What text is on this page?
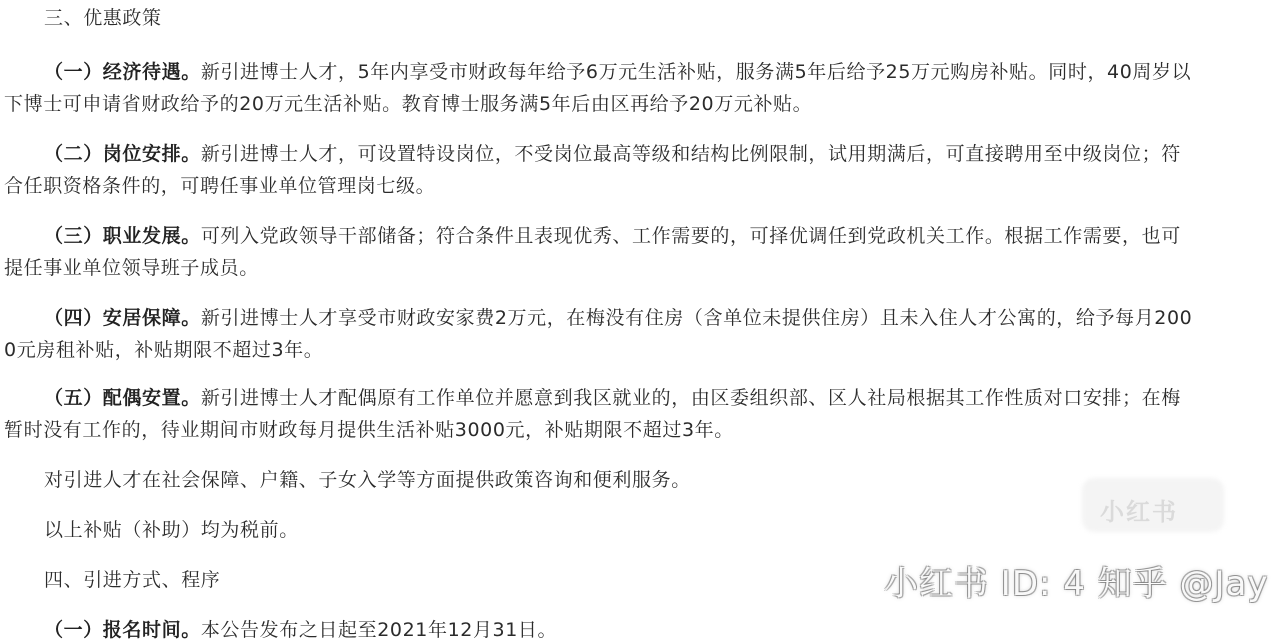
三、优惠政策
（一）经济待遇。新引进博士人才，5年内享受市财政每年给予6万元生活补贴，服务满5年后给予25万元购房补贴。同时，40周岁以
下博士可申请省财政给予的20万元生活补贴。教育博士服务满5年后由区再给予20万元补贴。
（二）岗位安排。新引进博士人才，可设置特设岗位，不受岗位最高等级和结构比例限制，试用期满后，可直接聘用至中级岗位；符
合任职资格条件的，可聘任事业单位管理岗七级。
（三）职业发展。可列入党政领导干部储备；符合条件且表现优秀、工作需要的，可择优调任到党政机关工作。根据工作需要，也可
提任事业单位领导班子成员。
（四）安居保障。新引进博士人才享受市财政安家费2万元，在梅没有住房（含单位未提供住房）且未入住人才公寓的，给予每月200
0元房租补贴，补贴期限不超过3年。
（五）配偶安置。新引进博士人才配偶原有工作单位并愿意到我区就业的，由区委组织部、区人社局根据其工作性质对口安排；在梅
暂时没有工作的，待业期间市财政每月提供生活补贴3000元，补贴期限不超过3年。
对引进人才在社会保障、户籍、子女入学等方面提供政策咨询和便利服务。
以上补贴（补助）均为税前。
四、引进方式、程序
（一）报名时间。本公告发布之日起至2021年12月31日。
小红书
小红书 ID: 4 知乎 @Jay
